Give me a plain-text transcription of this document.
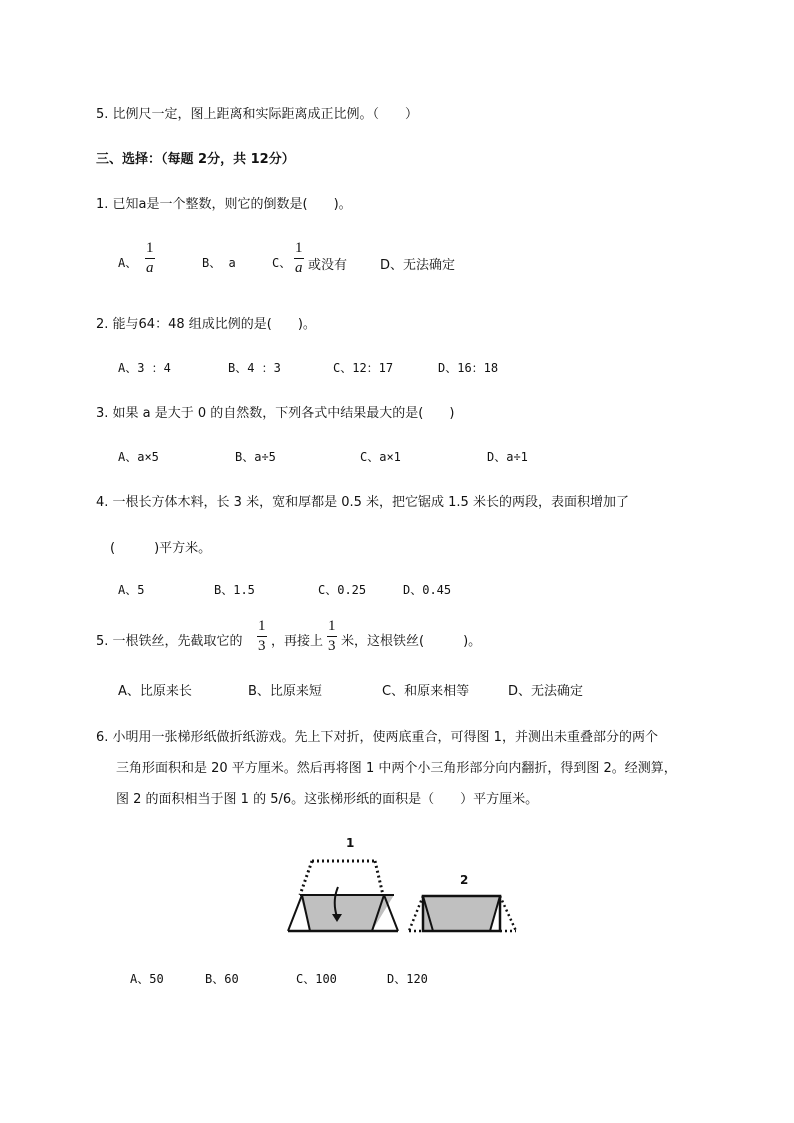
5. 比例尺一定，图上距离和实际距离成正比例。（　　）
三、选择：（每题 2分，共 12分）
1. 已知a是一个整数，则它的倒数是(　　)。
A、
1
a	B、 a	C、
1
a 或没有	D、无法确定
2. 能与64：48 组成比例的是(　　)。
A、3 ：4	B、4 ：3	C、12：17	D、16：18
3. 如果 a 是大于 0 的自然数，下列各式中结果最大的是(　　)
A、a×5	B、a÷5	C、a×1	D、a÷1
4. 一根长方体木料，长 3 米，宽和厚都是 0.5 米，把它锯成 1.5 米长的两段，表面积增加了
(　　　)平方米。
A、5	B、1.5	C、0.25	D、0.45
5. 一根铁丝，先截取它的
1
3 ，再接上
1
3 米，这根铁丝(　　　)。
A、比原来长	B、比原来短	C、和原来相等	D、无法确定
6. 小明用一张梯形纸做折纸游戏。先上下对折，使两底重合，可得图 1，并测出未重叠部分的两个
三角形面积和是 20 平方厘米。然后再将图 1 中两个小三角形部分向内翻折，得到图 2。经测算，
图 2 的面积相当于图 1 的 5/6。这张梯形纸的面积是（　　）平方厘米。
1
2
A、50	B、60	C、100	D、120
